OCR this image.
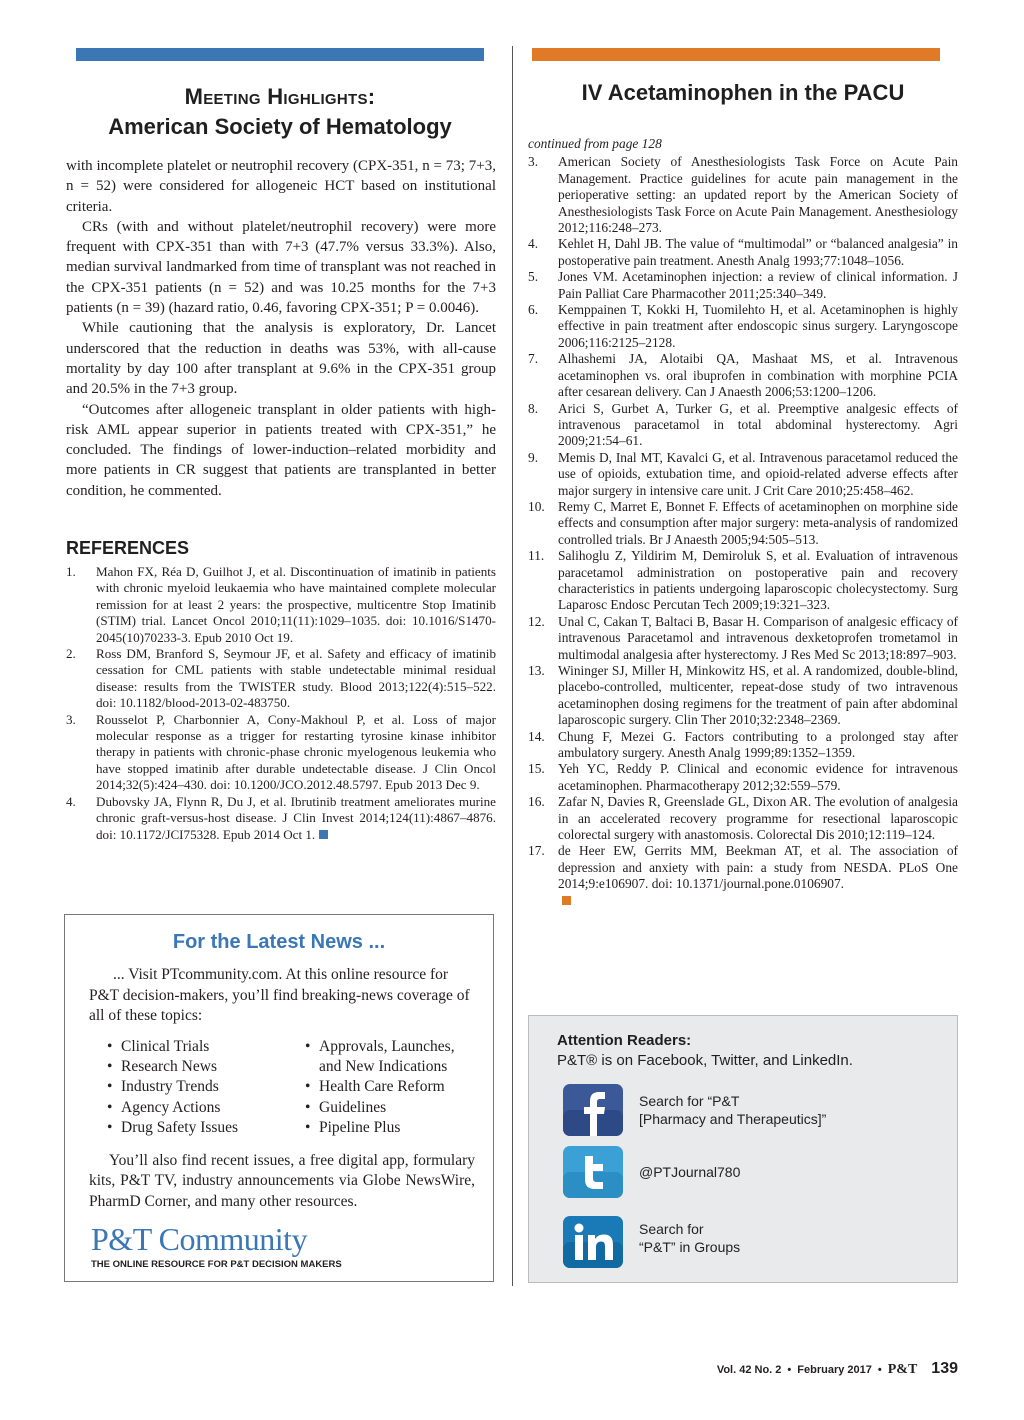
Meeting Highlights:
American Society of Hematology
IV Acetaminophen in the PACU

with incomplete platelet or neutrophil recovery (CPX-351, n = 73; 7+3, n = 52) were considered for allogeneic HCT based on institutional criteria.

CRs (with and without platelet/neutrophil recovery) were more frequent with CPX-351 than with 7+3 (47.7% versus 33.3%). Also, median survival landmarked from time of transplant was not reached in the CPX-351 patients (n = 52) and was 10.25 months for the 7+3 patients (n = 39) (hazard ratio, 0.46, favoring CPX-351; P = 0.0046).

While cautioning that the analysis is exploratory, Dr. Lancet underscored that the reduction in deaths was 53%, with all-cause mortality by day 100 after transplant at 9.6% in the CPX-351 group and 20.5% in the 7+3 group.

“Outcomes after allogeneic transplant in older patients with high-risk AML appear superior in patients treated with CPX-351,” he concluded. The findings of lower-induction–related morbidity and more patients in CR suggest that patients are transplanted in better condition, he commented.

REFERENCES
1.	Mahon FX, Réa D, Guilhot J, et al. Discontinuation of imatinib in patients with chronic myeloid leukaemia who have maintained complete molecular remission for at least 2 years: the prospective, multicentre Stop Imatinib (STIM) trial. Lancet Oncol 2010;11(11):1029–1035. doi: 10.1016/S1470-2045(10)70233-3. Epub 2010 Oct 19.
2.	Ross DM, Branford S, Seymour JF, et al. Safety and efficacy of imatinib cessation for CML patients with stable undetectable minimal residual disease: results from the TWISTER study. Blood 2013;122(4):515–522. doi: 10.1182/blood-2013-02-483750.
3.	Rousselot P, Charbonnier A, Cony-Makhoul P, et al. Loss of major molecular response as a trigger for restarting tyrosine kinase inhibitor therapy in patients with chronic-phase chronic myelogenous leukemia who have stopped imatinib after durable undetectable disease. J Clin Oncol 2014;32(5):424–430. doi: 10.1200/JCO.2012.48.5797. Epub 2013 Dec 9.
4.	Dubovsky JA, Flynn R, Du J, et al. Ibrutinib treatment ameliorates murine chronic graft-versus-host disease. J Clin Invest 2014;124(11):4867–4876. doi: 10.1172/JCI75328. Epub 2014 Oct 1.
For the Latest News ...
... Visit PTcommunity.com. At this online resource for P&T decision-makers, you’ll find breaking-news coverage of all of these topics:
• Clinical Trials
• Research News
• Industry Trends
• Agency Actions
• Drug Safety Issues
• Approvals, Launches,
and New Indications
• Health Care Reform
• Guidelines
• Pipeline Plus
You’ll also find recent issues, a free digital app, formulary kits, P&T TV, industry announcements via Globe NewsWire, PharmD Corner, and many other resources.
P&T Community
THE ONLINE RESOURCE FOR P&T DECISION MAKERS
continued from page 128
3.	American Society of Anesthesiologists Task Force on Acute Pain Management. Practice guidelines for acute pain management in the perioperative setting: an updated report by the American Society of Anesthesiologists Task Force on Acute Pain Management. Anesthesiology 2012;116:248–273.
4.	Kehlet H, Dahl JB. The value of “multimodal” or “balanced analgesia” in postoperative pain treatment. Anesth Analg 1993;77:1048–1056.
5.	Jones VM. Acetaminophen injection: a review of clinical information. J Pain Palliat Care Pharmacother 2011;25:340–349.
6.	Kemppainen T, Kokki H, Tuomilehto H, et al. Acetaminophen is highly effective in pain treatment after endoscopic sinus surgery. Laryngoscope 2006;116:2125–2128.
7.	Alhashemi JA, Alotaibi QA, Mashaat MS, et al. Intravenous acetaminophen vs. oral ibuprofen in combination with morphine PCIA after cesarean delivery. Can J Anaesth 2006;53:1200–1206.
8.	Arici S, Gurbet A, Turker G, et al. Preemptive analgesic effects of intravenous paracetamol in total abdominal hysterectomy. Agri 2009;21:54–61.
9.	Memis D, Inal MT, Kavalci G, et al. Intravenous paracetamol reduced the use of opioids, extubation time, and opioid-related adverse effects after major surgery in intensive care unit. J Crit Care 2010;25:458–462.
10. Remy C, Marret E, Bonnet F. Effects of acetaminophen on morphine side effects and consumption after major surgery: meta-analysis of randomized controlled trials. Br J Anaesth 2005;94:505–513.
11.	Salihoglu Z, Yildirim M, Demiroluk S, et al. Evaluation of intravenous paracetamol administration on postoperative pain and recovery characteristics in patients undergoing laparoscopic cholecystectomy. Surg Laparosc Endosc Percutan Tech 2009;19:321–323.
12. Unal C, Cakan T, Baltaci B, Basar H. Comparison of analgesic efficacy of intravenous Paracetamol and intravenous dexketoprofen trometamol in multimodal analgesia after hysterectomy. J Res Med Sc 2013;18:897–903.
13. Wininger SJ, Miller H, Minkowitz HS, et al. A randomized, double-blind, placebo-controlled, multicenter, repeat-dose study of two intravenous acetaminophen dosing regimens for the treatment of pain after abdominal laparoscopic surgery. Clin Ther 2010;32:2348–2369.
14. Chung F, Mezei G. Factors contributing to a prolonged stay after ambulatory surgery. Anesth Analg 1999;89:1352–1359.
15. Yeh YC, Reddy P. Clinical and economic evidence for intravenous acetaminophen. Pharmacotherapy 2012;32:559–579.
16. Zafar N, Davies R, Greenslade GL, Dixon AR. The evolution of analgesia in an accelerated recovery programme for resectional laparoscopic colorectal surgery with anastomosis. Colorectal Dis 2010;12:119–124.
17. de Heer EW, Gerrits MM, Beekman AT, et al. The association of depression and anxiety with pain: a study from NESDA. PLoS One 2014;9:e106907. doi: 10.1371/journal.pone.0106907.
Attention Readers:
P&T® is on Facebook, Twitter, and LinkedIn.
Search for “P&T
[Pharmacy and Therapeutics]”
@PTJournal780
Search for
“P&T” in Groups
Vol. 42 No. 2 • February 2017 • P&T 139
